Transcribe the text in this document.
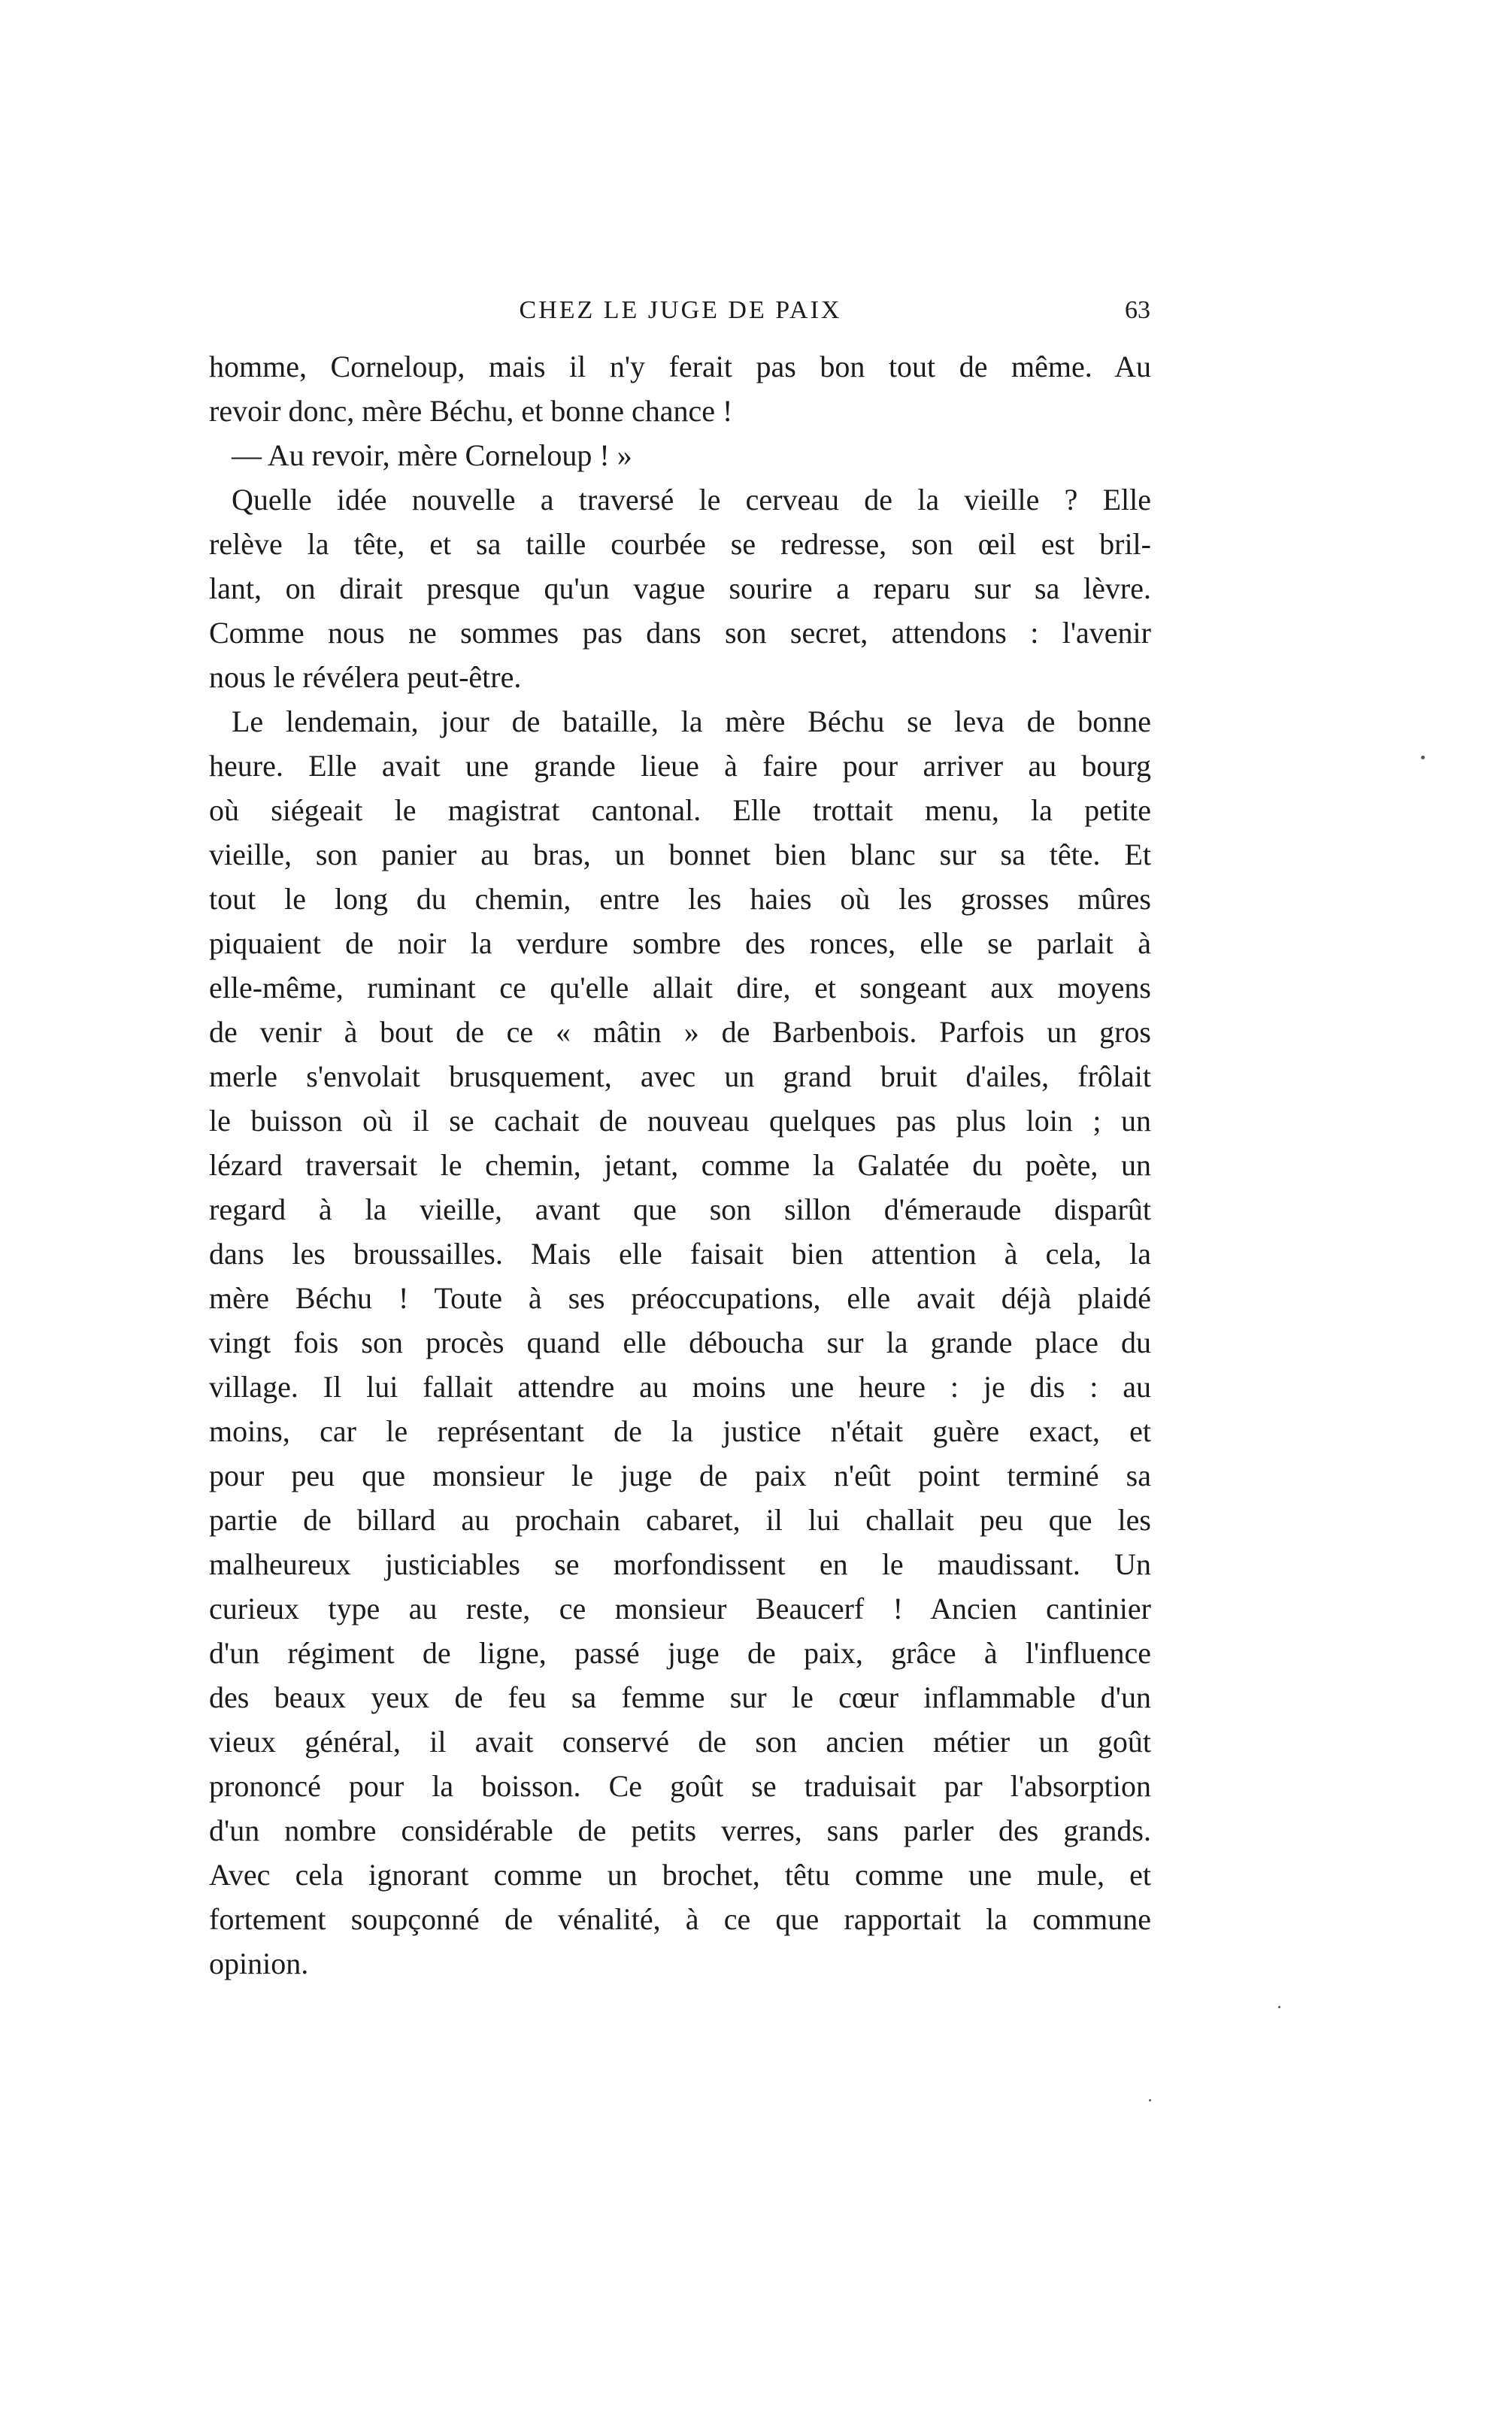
CHEZ LE JUGE DE PAIX	63
homme, Corneloup, mais il n'y ferait pas bon tout de même. Au
revoir donc, mère Béchu, et bonne chance !
— Au revoir, mère Corneloup ! »
Quelle idée nouvelle a traversé le cerveau de la vieille ? Elle
relève la tête, et sa taille courbée se redresse, son œil est bril-
lant, on dirait presque qu'un vague sourire a reparu sur sa lèvre.
Comme nous ne sommes pas dans son secret, attendons : l'avenir
nous le révélera peut-être.
Le lendemain, jour de bataille, la mère Béchu se leva de bonne
heure. Elle avait une grande lieue à faire pour arriver au bourg
où siégeait le magistrat cantonal. Elle trottait menu, la petite
vieille, son panier au bras, un bonnet bien blanc sur sa tête. Et
tout le long du chemin, entre les haies où les grosses mûres
piquaient de noir la verdure sombre des ronces, elle se parlait à
elle-même, ruminant ce qu'elle allait dire, et songeant aux moyens
de venir à bout de ce « mâtin » de Barbenbois. Parfois un gros
merle s'envolait brusquement, avec un grand bruit d'ailes, frôlait
le buisson où il se cachait de nouveau quelques pas plus loin ; un
lézard traversait le chemin, jetant, comme la Galatée du poète, un
regard à la vieille, avant que son sillon d'émeraude disparût
dans les broussailles. Mais elle faisait bien attention à cela, la
mère Béchu ! Toute à ses préoccupations, elle avait déjà plaidé
vingt fois son procès quand elle déboucha sur la grande place du
village. Il lui fallait attendre au moins une heure : je dis : au
moins, car le représentant de la justice n'était guère exact, et
pour peu que monsieur le juge de paix n'eût point terminé sa
partie de billard au prochain cabaret, il lui challait peu que les
malheureux justiciables se morfondissent en le maudissant. Un
curieux type au reste, ce monsieur Beaucerf ! Ancien cantinier
d'un régiment de ligne, passé juge de paix, grâce à l'influence
des beaux yeux de feu sa femme sur le cœur inflammable d'un
vieux général, il avait conservé de son ancien métier un goût
prononcé pour la boisson. Ce goût se traduisait par l'absorption
d'un nombre considérable de petits verres, sans parler des grands.
Avec cela ignorant comme un brochet, têtu comme une mule, et
fortement soupçonné de vénalité, à ce que rapportait la commune
opinion.
